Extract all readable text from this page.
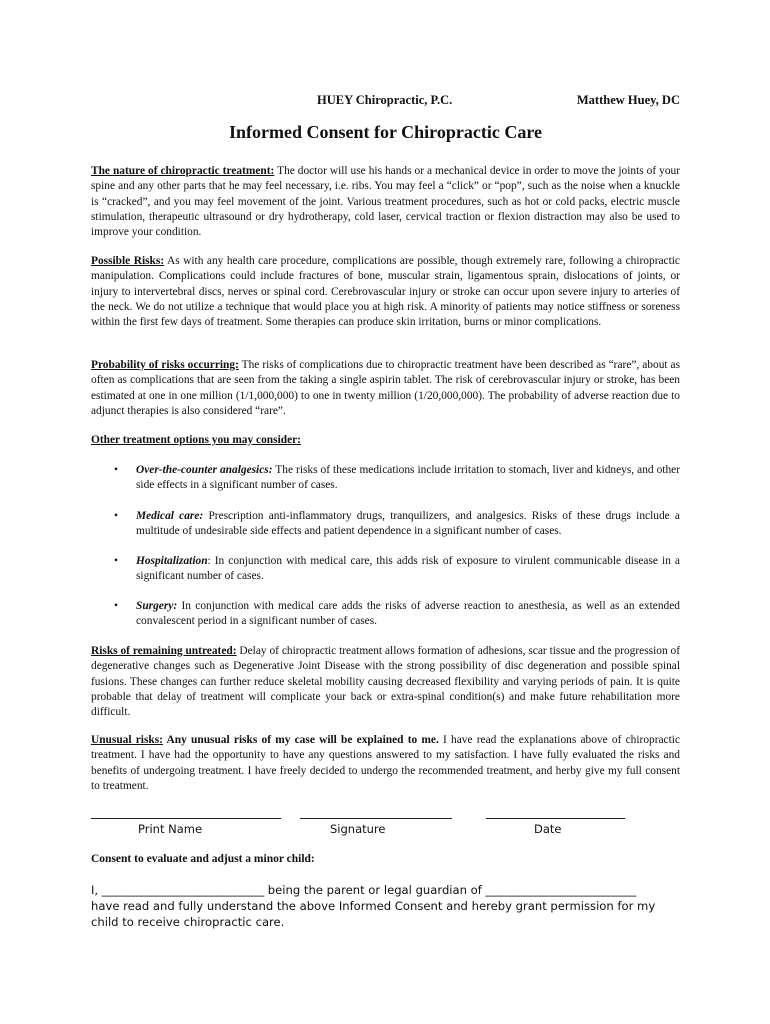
HUEY Chiropractic, P.C.	Matthew Huey, DC
Informed Consent for Chiropractic Care
The nature of chiropractic treatment: The doctor will use his hands or a mechanical device in order to move the joints of your spine and any other parts that he may feel necessary, i.e. ribs. You may feel a “click” or “pop”, such as the noise when a knuckle is “cracked”, and you may feel movement of the joint. Various treatment procedures, such as hot or cold packs, electric muscle stimulation, therapeutic ultrasound or dry hydrotherapy, cold laser, cervical traction or flexion distraction may also be used to improve your condition.
Possible Risks: As with any health care procedure, complications are possible, though extremely rare, following a chiropractic manipulation. Complications could include fractures of bone, muscular strain, ligamentous sprain, dislocations of joints, or injury to intervertebral discs, nerves or spinal cord. Cerebrovascular injury or stroke can occur upon severe injury to arteries of the neck. We do not utilize a technique that would place you at high risk. A minority of patients may notice stiffness or soreness within the first few days of treatment. Some therapies can produce skin irritation, burns or minor complications.
Probability of risks occurring: The risks of complications due to chiropractic treatment have been described as “rare”, about as often as complications that are seen from the taking a single aspirin tablet. The risk of cerebrovascular injury or stroke, has been estimated at one in one million (1/1,000,000) to one in twenty million (1/20,000,000). The probability of adverse reaction due to adjunct therapies is also considered “rare”.
Other treatment options you may consider:
• Over-the-counter analgesics: The risks of these medications include irritation to stomach, liver and kidneys, and other side effects in a significant number of cases.
• Medical care: Prescription anti-inflammatory drugs, tranquilizers, and analgesics. Risks of these drugs include a multitude of undesirable side effects and patient dependence in a significant number of cases.
• Hospitalization: In conjunction with medical care, this adds risk of exposure to virulent communicable disease in a significant number of cases.
• Surgery: In conjunction with medical care adds the risks of adverse reaction to anesthesia, as well as an extended convalescent period in a significant number of cases.
Risks of remaining untreated: Delay of chiropractic treatment allows formation of adhesions, scar tissue and the progression of degenerative changes such as Degenerative Joint Disease with the strong possibility of disc degeneration and possible spinal fusions. These changes can further reduce skeletal mobility causing decreased flexibility and varying periods of pain. It is quite probable that delay of treatment will complicate your back or extra-spinal condition(s) and make future rehabilitation more difficult.
Unusual risks: Any unusual risks of my case will be explained to me. I have read the explanations above of chiropractic treatment. I have had the opportunity to have any questions answered to my satisfaction. I have fully evaluated the risks and benefits of undergoing treatment. I have freely decided to undergo the recommended treatment, and herby give my full consent to treatment.
Print Name	Signature	Date
Consent to evaluate and adjust a minor child:
I, ____________________________ being the parent or legal guardian of __________________________
have read and fully understand the above Informed Consent and hereby grant permission for my child to receive chiropractic care.
